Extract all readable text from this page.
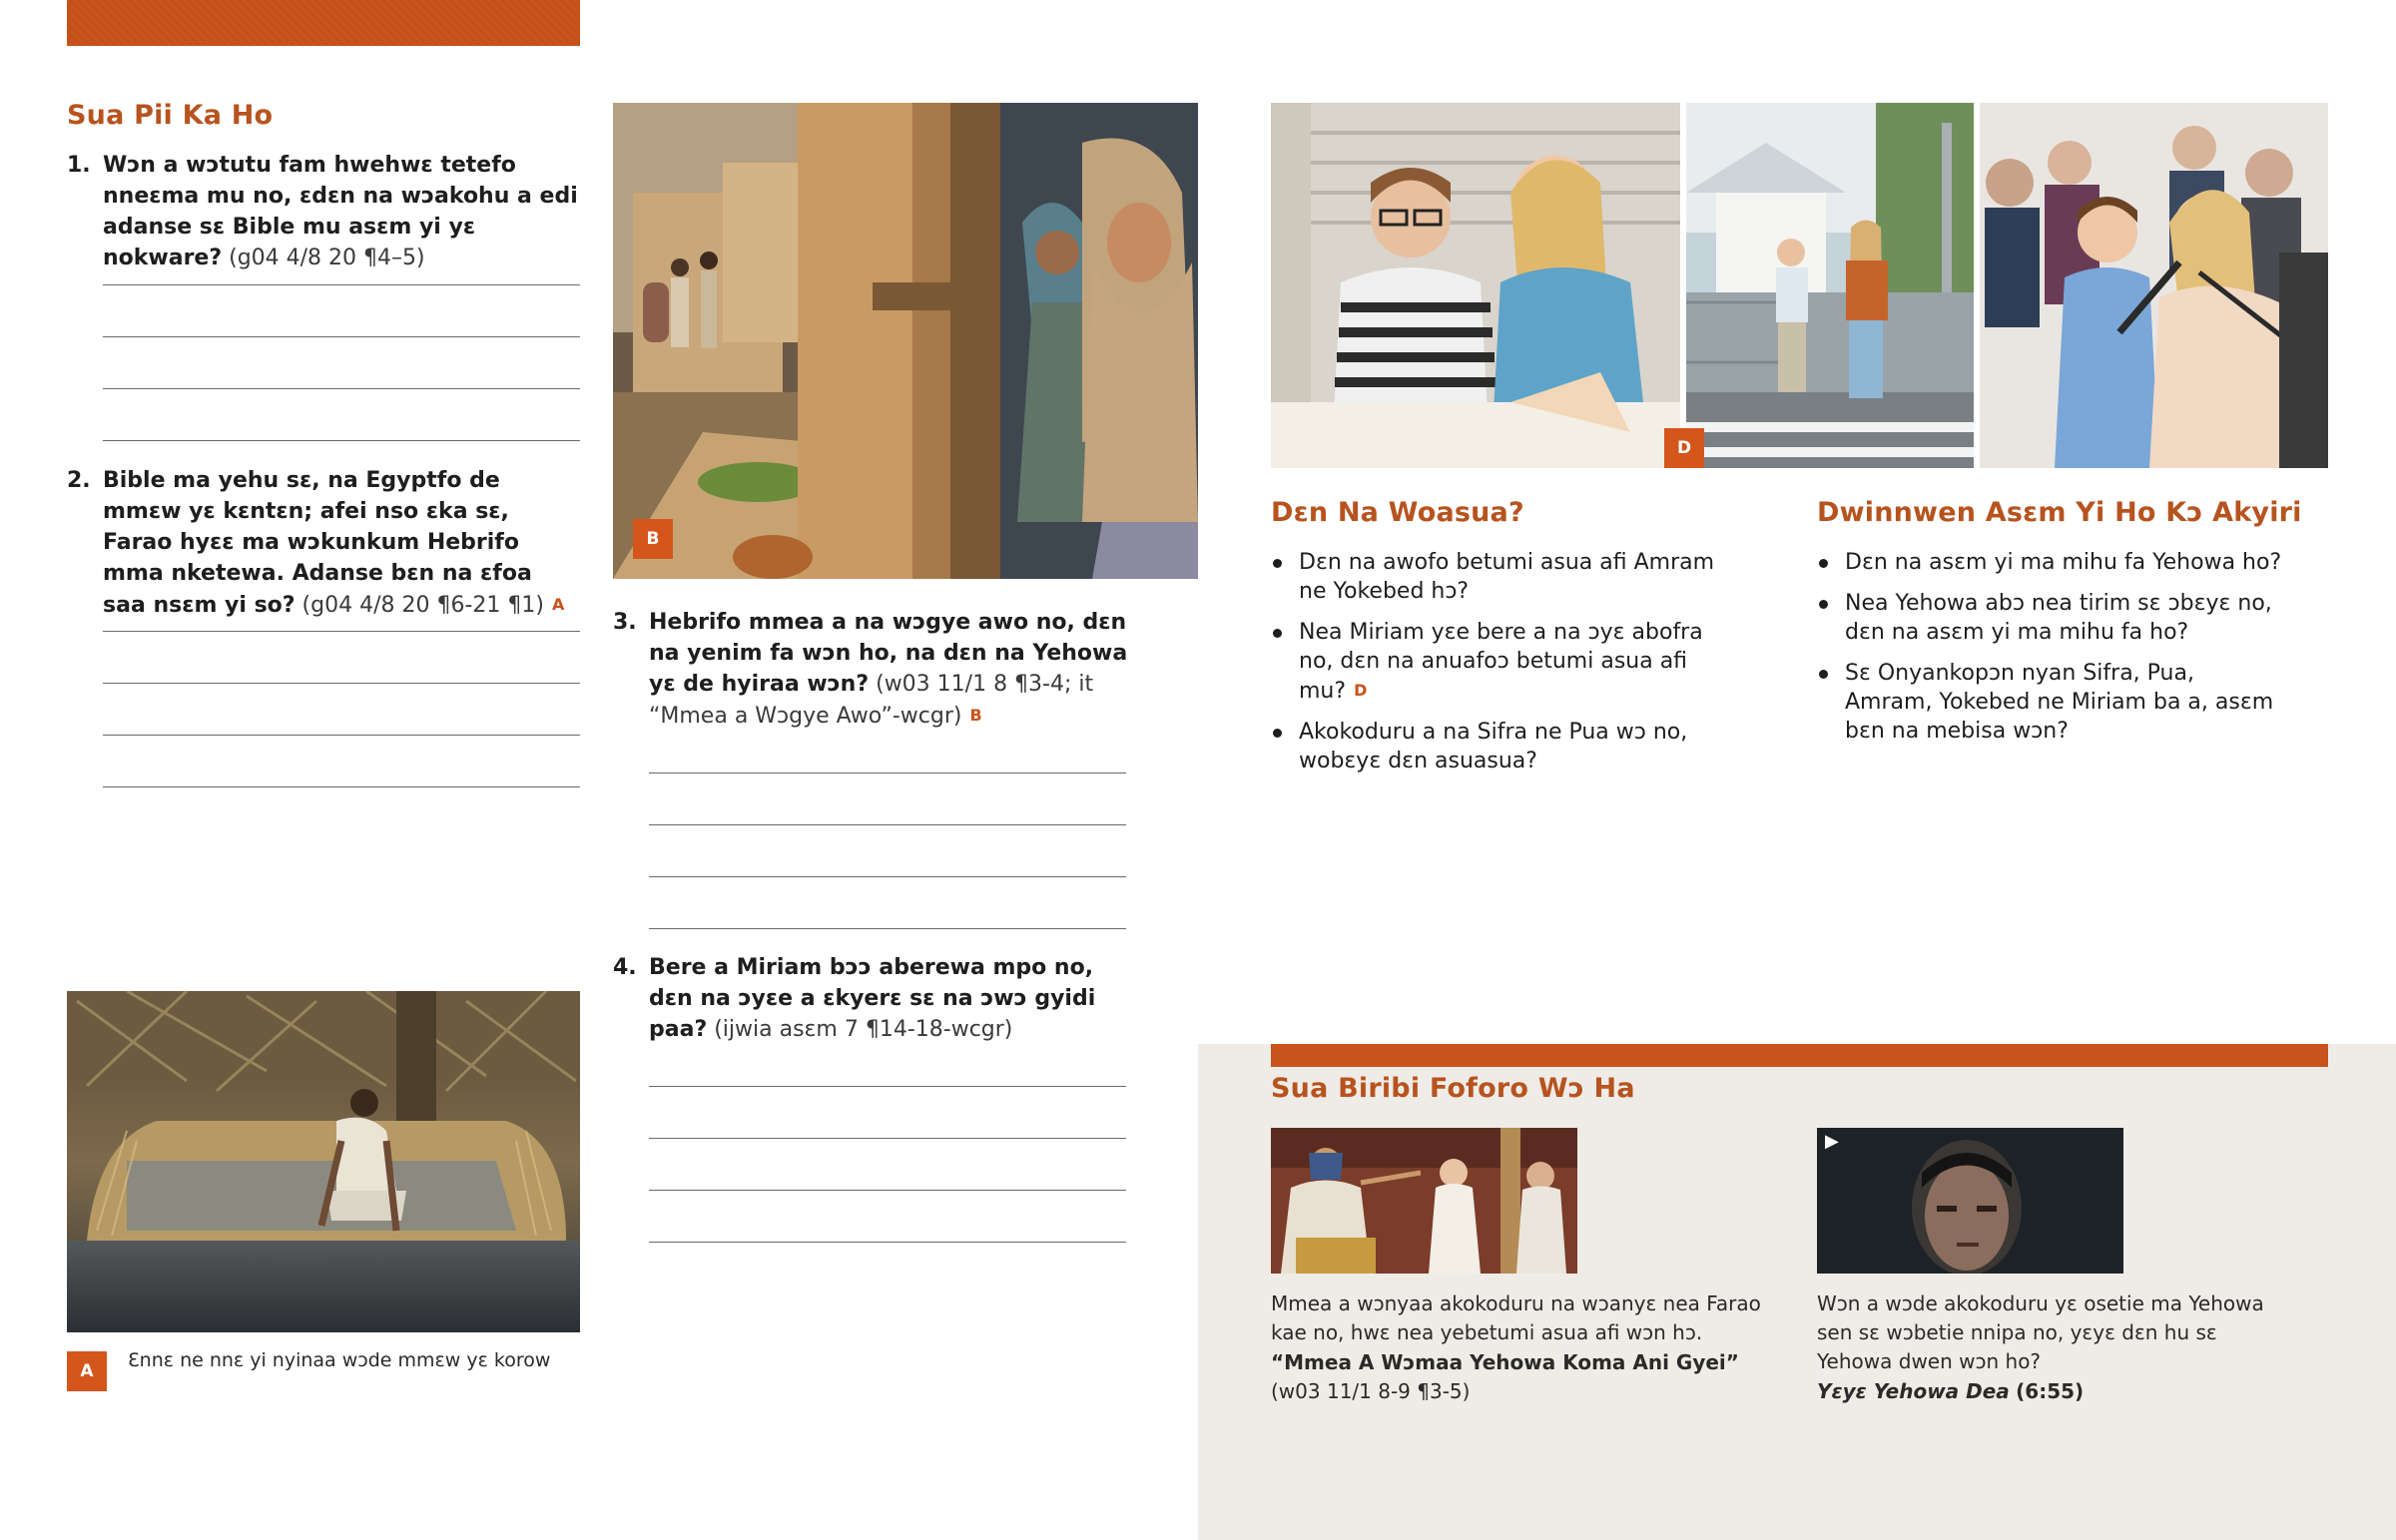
Sua Pii Ka Ho
1. Wɔn a wɔtutu fam hwehwɛ tetefo nneɛma mu no, ɛdɛn na wɔakohu a edi adanse sɛ Bible mu asɛm yi yɛ nokware? (g04 4/8 20 ¶4–5)
2. Bible ma yehu sɛ, na Egyptfo de mmɛw yɛ kɛntɛn; afei nso ɛka sɛ, Farao hyɛɛ ma wɔkunkum Hebrifo mma nketewa. Adanse bɛn na ɛfoa saa nsɛm yi so? (g04 4/8 20 ¶6-21 ¶1) A
A	Ɛnnɛ ne nnɛ yi nyinaa wɔde mmɛw yɛ korow
B
3. Hebrifo mmea a na wɔgye awo no, dɛn na yenim fa wɔn ho, na dɛn na Yehowa yɛ de hyiraa wɔn? (w03 11/1 8 ¶3-4; it “Mmea a Wɔgye Awo”-wcgr) B
4. Bere a Miriam bɔɔ aberewa mpo no, dɛn na ɔyɛe a ɛkyerɛ sɛ na ɔwɔ gyidi paa? (ijwia asɛm 7 ¶14-18-wcgr)
D
Dɛn Na Woasua?
Dɛn na awofo betumi asua afi Amram ne Yokebed hɔ?
Nea Miriam yɛe bere a na ɔyɛ abofra no, dɛn na anuafoɔ betumi asua afi mu? D
Akokoduru a na Sifra ne Pua wɔ no, wobɛyɛ dɛn asuasua?
Dwinnwen Asɛm Yi Ho Kɔ Akyiri
Dɛn na asɛm yi ma mihu fa Yehowa ho?
Nea Yehowa abɔ nea tirim sɛ ɔbɛyɛ no, dɛn na asɛm yi ma mihu fa ho?
Sɛ Onyankopɔn nyan Sifra, Pua, Amram, Yokebed ne Miriam ba a, asɛm bɛn na mebisa wɔn?
Sua Biribi Foforo Wɔ Ha
Mmea a wɔnyaa akokoduru na wɔanyɛ nea Farao kae no, hwɛ nea yebetumi asua afi wɔn hɔ.
“Mmea A Wɔmaa Yehowa Koma Ani Gyei”
(w03 11/1 8-9 ¶3-5)
▶
Wɔn a wɔde akokoduru yɛ osetie ma Yehowa sen sɛ wɔbetie nnipa no, yɛyɛ dɛn hu sɛ Yehowa dwen wɔn ho?
Yɛyɛ Yehowa Dea (6:55)
